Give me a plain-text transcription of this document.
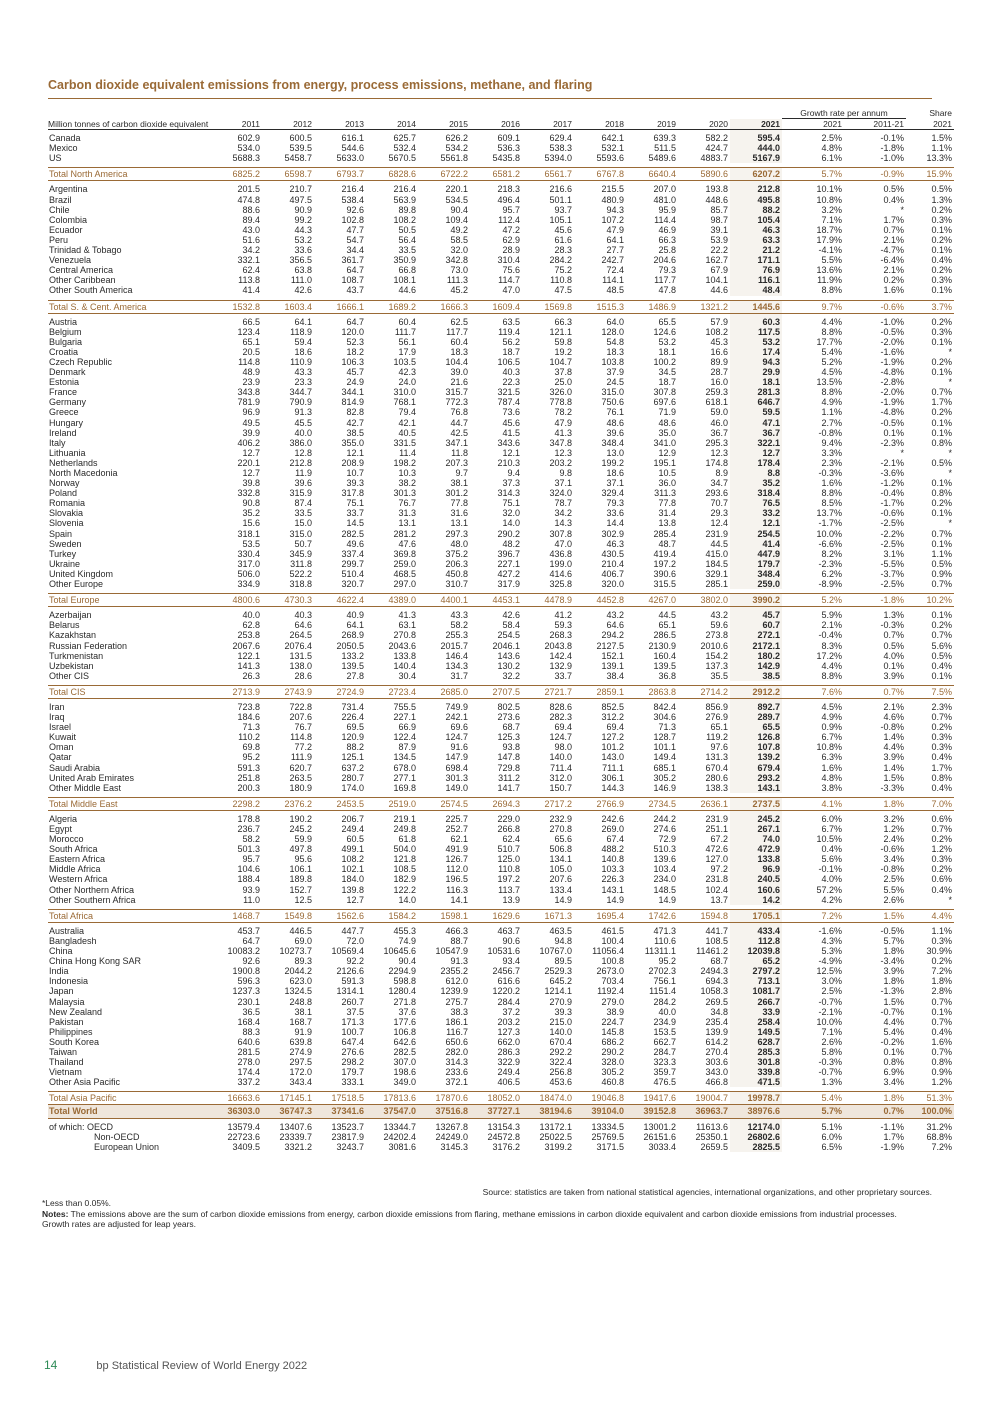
Carbon dioxide equivalent emissions from energy, process emissions, methane, and flaring
												Growth rate per annum		Share
Million tonnes of carbon dioxide equivalent	2011	2012	2013	2014	2015	2016	2017	2018	2019	2020	2021	2021	2011-21	2021
Canada	602.9	600.5	616.1	625.7	626.2	609.1	629.4	642.1	639.3	582.2	595.4	2.5%	-0.1%	1.5%
Mexico	534.0	539.5	544.6	532.4	534.2	536.3	538.3	532.1	511.5	424.7	444.0	4.8%	-1.8%	1.1%
US	5688.3	5458.7	5633.0	5670.5	5561.8	5435.8	5394.0	5593.6	5489.6	4883.7	5167.9	6.1%	-1.0%	13.3%

Total North America	6825.2	6598.7	6793.7	6828.6	6722.2	6581.2	6561.7	6767.8	6640.4	5890.6	6207.2	5.7%	-0.9%	15.9%
Argentina	201.5	210.7	216.4	216.4	220.1	218.3	216.6	215.5	207.0	193.8	212.8	10.1%	0.5%	0.5%
Brazil	474.8	497.5	538.4	563.9	534.5	496.4	501.1	480.9	481.0	448.6	495.8	10.8%	0.4%	1.3%
Chile	88.6	90.9	92.6	89.8	90.4	95.7	93.7	94.3	95.9	85.7	88.2	3.2%	*	0.2%
Colombia	89.4	99.2	102.8	108.2	109.4	112.4	105.1	107.2	114.4	98.7	105.4	7.1%	1.7%	0.3%
Ecuador	43.0	44.3	47.7	50.5	49.2	47.2	45.6	47.9	46.9	39.1	46.3	18.7%	0.7%	0.1%
Peru	51.6	53.2	54.7	56.4	58.5	62.9	61.6	64.1	66.3	53.9	63.3	17.9%	2.1%	0.2%
Trinidad & Tobago	34.2	33.6	34.4	33.5	32.0	28.9	28.3	27.7	25.8	22.2	21.2	-4.1%	-4.7%	0.1%
Venezuela	332.1	356.5	361.7	350.9	342.8	310.4	284.2	242.7	204.6	162.7	171.1	5.5%	-6.4%	0.4%
Central America	62.4	63.8	64.7	66.8	73.0	75.6	75.2	72.4	79.3	67.9	76.9	13.6%	2.1%	0.2%
Other Caribbean	113.8	111.0	108.7	108.1	111.3	114.7	110.8	114.1	117.7	104.1	116.1	11.9%	0.2%	0.3%
Other South America	41.4	42.6	43.7	44.6	45.2	47.0	47.5	48.5	47.8	44.6	48.4	8.8%	1.6%	0.1%

Total S. & Cent. America	1532.8	1603.4	1666.1	1689.2	1666.3	1609.4	1569.8	1515.3	1486.9	1321.2	1445.6	9.7%	-0.6%	3.7%
Austria	66.5	64.1	64.7	60.4	62.5	63.5	66.3	64.0	65.5	57.9	60.3	4.4%	-1.0%	0.2%
Belgium	123.4	118.9	120.0	111.7	117.7	119.4	121.1	128.0	124.6	108.2	117.5	8.8%	-0.5%	0.3%
Bulgaria	65.1	59.4	52.3	56.1	60.4	56.2	59.8	54.8	53.2	45.3	53.2	17.7%	-2.0%	0.1%
Croatia	20.5	18.6	18.2	17.9	18.3	18.7	19.2	18.3	18.1	16.6	17.4	5.4%	-1.6%	*
Czech Republic	114.8	110.9	106.3	103.5	104.4	106.5	104.7	103.8	100.2	89.9	94.3	5.2%	-1.9%	0.2%
Denmark	48.9	43.3	45.7	42.3	39.0	40.3	37.8	37.9	34.5	28.7	29.9	4.5%	-4.8%	0.1%
Estonia	23.9	23.3	24.9	24.0	21.6	22.3	25.0	24.5	18.7	16.0	18.1	13.5%	-2.8%	*
France	343.8	344.7	344.1	310.0	315.7	321.5	326.0	315.0	307.8	259.3	281.3	8.8%	-2.0%	0.7%
Germany	781.9	790.9	814.9	768.1	772.3	787.4	778.8	750.6	697.6	618.1	646.7	4.9%	-1.9%	1.7%
Greece	96.9	91.3	82.8	79.4	76.8	73.6	78.2	76.1	71.9	59.0	59.5	1.1%	-4.8%	0.2%
Hungary	49.5	45.5	42.7	42.1	44.7	45.6	47.9	48.6	48.6	46.0	47.1	2.7%	-0.5%	0.1%
Ireland	39.9	40.0	38.5	40.5	42.5	41.5	41.3	39.6	35.0	36.7	36.7	-0.8%	0.1%	0.1%
Italy	406.2	386.0	355.0	331.5	347.1	343.6	347.8	348.4	341.0	295.3	322.1	9.4%	-2.3%	0.8%
Lithuania	12.7	12.8	12.1	11.4	11.8	12.1	12.3	13.0	12.9	12.3	12.7	3.3%	*	*
Netherlands	220.1	212.8	208.9	198.2	207.3	210.3	203.2	199.2	195.1	174.8	178.4	2.3%	-2.1%	0.5%
North Macedonia	12.7	11.9	10.7	10.3	9.7	9.4	9.8	18.6	10.5	8.9	8.8	-0.3%	-3.6%	*
Norway	39.8	39.6	39.3	38.2	38.1	37.3	37.1	37.1	36.0	34.7	35.2	1.6%	-1.2%	0.1%
Poland	332.8	315.9	317.8	301.3	301.2	314.3	324.0	329.4	311.3	293.6	318.4	8.8%	-0.4%	0.8%
Romania	90.8	87.4	75.1	76.7	77.8	75.1	78.7	79.3	77.8	70.7	76.5	8.5%	-1.7%	0.2%
Slovakia	35.2	33.5	33.7	31.3	31.6	32.0	34.2	33.6	31.4	29.3	33.2	13.7%	-0.6%	0.1%
Slovenia	15.6	15.0	14.5	13.1	13.1	14.0	14.3	14.4	13.8	12.4	12.1	-1.7%	-2.5%	*
Spain	318.1	315.0	282.5	281.2	297.3	290.2	307.8	302.9	285.4	231.9	254.5	10.0%	-2.2%	0.7%
Sweden	53.5	50.7	49.6	47.6	48.0	48.2	47.0	46.3	48.7	44.5	41.4	-6.6%	-2.5%	0.1%
Turkey	330.4	345.9	337.4	369.8	375.2	396.7	436.8	430.5	419.4	415.0	447.9	8.2%	3.1%	1.1%
Ukraine	317.0	311.8	299.7	259.0	206.3	227.1	199.0	210.4	197.2	184.5	179.7	-2.3%	-5.5%	0.5%
United Kingdom	506.0	522.2	510.4	468.5	450.8	427.2	414.6	406.7	390.6	329.1	348.4	6.2%	-3.7%	0.9%
Other Europe	334.9	318.8	320.7	297.0	310.7	317.9	325.8	320.0	315.5	285.1	259.0	-8.9%	-2.5%	0.7%

Total Europe	4800.6	4730.3	4622.4	4389.0	4400.1	4453.1	4478.9	4452.8	4267.0	3802.0	3990.2	5.2%	-1.8%	10.2%
Azerbaijan	40.0	40.3	40.9	41.3	43.3	42.6	41.2	43.2	44.5	43.2	45.7	5.9%	1.3%	0.1%
Belarus	62.8	64.6	64.1	63.1	58.2	58.4	59.3	64.6	65.1	59.6	60.7	2.1%	-0.3%	0.2%
Kazakhstan	253.8	264.5	268.9	270.8	255.3	254.5	268.3	294.2	286.5	273.8	272.1	-0.4%	0.7%	0.7%
Russian Federation	2067.6	2076.4	2050.5	2043.6	2015.7	2046.1	2043.8	2127.5	2130.9	2010.6	2172.1	8.3%	0.5%	5.6%
Turkmenistan	122.1	131.5	133.2	133.8	146.4	143.6	142.4	152.1	160.4	154.2	180.2	17.2%	4.0%	0.5%
Uzbekistan	141.3	138.0	139.5	140.4	134.3	130.2	132.9	139.1	139.5	137.3	142.9	4.4%	0.1%	0.4%
Other CIS	26.3	28.6	27.8	30.4	31.7	32.2	33.7	38.4	36.8	35.5	38.5	8.8%	3.9%	0.1%

Total CIS	2713.9	2743.9	2724.9	2723.4	2685.0	2707.5	2721.7	2859.1	2863.8	2714.2	2912.2	7.6%	0.7%	7.5%
Iran	723.8	722.8	731.4	755.5	749.9	802.5	828.6	852.5	842.4	856.9	892.7	4.5%	2.1%	2.3%
Iraq	184.6	207.6	226.4	227.1	242.1	273.6	282.3	312.2	304.6	276.9	289.7	4.9%	4.6%	0.7%
Israel	71.3	76.7	69.5	66.9	69.6	68.7	69.4	69.4	71.3	65.1	65.5	0.9%	-0.8%	0.2%
Kuwait	110.2	114.8	120.9	122.4	124.7	125.3	124.7	127.2	128.7	119.2	126.8	6.7%	1.4%	0.3%
Oman	69.8	77.2	88.2	87.9	91.6	93.8	98.0	101.2	101.1	97.6	107.8	10.8%	4.4%	0.3%
Qatar	95.2	111.9	125.1	134.5	147.9	147.8	140.0	143.0	149.4	131.3	139.2	6.3%	3.9%	0.4%
Saudi Arabia	591.3	620.7	637.2	678.0	698.4	729.8	711.4	711.1	685.1	670.4	679.4	1.6%	1.4%	1.7%
United Arab Emirates	251.8	263.5	280.7	277.1	301.3	311.2	312.0	306.1	305.2	280.6	293.2	4.8%	1.5%	0.8%
Other Middle East	200.3	180.9	174.0	169.8	149.0	141.7	150.7	144.3	146.9	138.3	143.1	3.8%	-3.3%	0.4%

Total Middle East	2298.2	2376.2	2453.5	2519.0	2574.5	2694.3	2717.2	2766.9	2734.5	2636.1	2737.5	4.1%	1.8%	7.0%
Algeria	178.8	190.2	206.7	219.1	225.7	229.0	232.9	242.6	244.2	231.9	245.2	6.0%	3.2%	0.6%
Egypt	236.7	245.2	249.4	249.8	252.7	266.8	270.8	269.0	274.6	251.1	267.1	6.7%	1.2%	0.7%
Morocco	58.2	59.9	60.5	61.8	62.1	62.4	65.6	67.4	72.9	67.2	74.0	10.5%	2.4%	0.2%
South Africa	501.3	497.8	499.1	504.0	491.9	510.7	506.8	488.2	510.3	472.6	472.9	0.4%	-0.6%	1.2%
Eastern Africa	95.7	95.6	108.2	121.8	126.7	125.0	134.1	140.8	139.6	127.0	133.8	5.6%	3.4%	0.3%
Middle Africa	104.6	106.1	102.1	108.5	112.0	110.8	105.0	103.3	103.4	97.2	96.9	-0.1%	-0.8%	0.2%
Western Africa	188.4	189.8	184.0	182.9	196.5	197.2	207.6	226.3	234.0	231.8	240.5	4.0%	2.5%	0.6%
Other Northern Africa	93.9	152.7	139.8	122.2	116.3	113.7	133.4	143.1	148.5	102.4	160.6	57.2%	5.5%	0.4%
Other Southern Africa	11.0	12.5	12.7	14.0	14.1	13.9	14.9	14.9	14.9	13.7	14.2	4.2%	2.6%	*

Total Africa	1468.7	1549.8	1562.6	1584.2	1598.1	1629.6	1671.3	1695.4	1742.6	1594.8	1705.1	7.2%	1.5%	4.4%
Australia	453.7	446.5	447.7	455.3	466.3	463.7	463.5	461.5	471.3	441.7	433.4	-1.6%	-0.5%	1.1%
Bangladesh	64.7	69.0	72.0	74.9	88.7	90.6	94.8	100.4	110.6	108.5	112.8	4.3%	5.7%	0.3%
China	10083.2	10273.7	10569.4	10645.6	10547.9	10531.6	10767.0	11056.4	11311.1	11461.2	12039.8	5.3%	1.8%	30.9%
China Hong Kong SAR	92.6	89.3	92.2	90.4	91.3	93.4	89.5	100.8	95.2	68.7	65.2	-4.9%	-3.4%	0.2%
India	1900.8	2044.2	2126.6	2294.9	2355.2	2456.7	2529.3	2673.0	2702.3	2494.3	2797.2	12.5%	3.9%	7.2%
Indonesia	596.3	623.0	591.3	598.8	612.0	616.6	645.2	703.4	756.1	694.3	713.1	3.0%	1.8%	1.8%
Japan	1237.3	1324.5	1314.1	1280.4	1239.9	1220.2	1214.1	1192.4	1151.4	1058.3	1081.7	2.5%	-1.3%	2.8%
Malaysia	230.1	248.8	260.7	271.8	275.7	284.4	270.9	279.0	284.2	269.5	266.7	-0.7%	1.5%	0.7%
New Zealand	36.5	38.1	37.5	37.6	38.3	37.2	39.3	38.9	40.0	34.8	33.9	-2.1%	-0.7%	0.1%
Pakistan	168.4	168.7	171.3	177.6	186.1	203.2	215.0	224.7	234.9	235.4	258.4	10.0%	4.4%	0.7%
Philippines	88.3	91.9	100.7	106.8	116.7	127.3	140.0	145.8	153.5	139.9	149.5	7.1%	5.4%	0.4%
South Korea	640.6	639.8	647.4	642.6	650.6	662.0	670.4	686.2	662.7	614.2	628.7	2.6%	-0.2%	1.6%
Taiwan	281.5	274.9	276.6	282.5	282.0	286.3	292.2	290.2	284.7	270.4	285.3	5.8%	0.1%	0.7%
Thailand	278.0	297.5	298.2	307.0	314.3	322.9	322.4	328.0	323.3	303.6	301.8	-0.3%	0.8%	0.8%
Vietnam	174.4	172.0	179.7	198.6	233.6	249.4	256.8	305.2	359.7	343.0	339.8	-0.7%	6.9%	0.9%
Other Asia Pacific	337.2	343.4	333.1	349.0	372.1	406.5	453.6	460.8	476.5	466.8	471.5	1.3%	3.4%	1.2%

Total Asia Pacific	16663.6	17145.1	17518.5	17813.6	17870.6	18052.0	18474.0	19046.8	19417.6	19004.7	19978.7	5.4%	1.8%	51.3%
Total World	36303.0	36747.3	37341.6	37547.0	37516.8	37727.1	38194.6	39104.0	39152.8	36963.7	38976.6	5.7%	0.7%	100.0%
of which: OECD	13579.4	13407.6	13523.7	13344.7	13267.8	13154.3	13172.1	13334.5	13001.2	11613.6	12174.0	5.1%	-1.1%	31.2%
Non-OECD	22723.6	23339.7	23817.9	24202.4	24249.0	24572.8	25022.5	25769.5	26151.6	25350.1	26802.6	6.0%	1.7%	68.8%
European Union	3409.5	3321.2	3243.7	3081.6	3145.3	3176.2	3199.2	3171.5	3033.4	2659.5	2825.5	6.5%	-1.9%	7.2%
Source: statistics are taken from national statistical agencies, international organizations, and other proprietary sources.
*Less than 0.05%.
Notes: The emissions above are the sum of carbon dioxide emissions from energy, carbon dioxide emissions from flaring, methane emissions in carbon dioxide equivalent and carbon dioxide emissions from industrial processes.
Growth rates are adjusted for leap years.
14	bp Statistical Review of World Energy 2022
